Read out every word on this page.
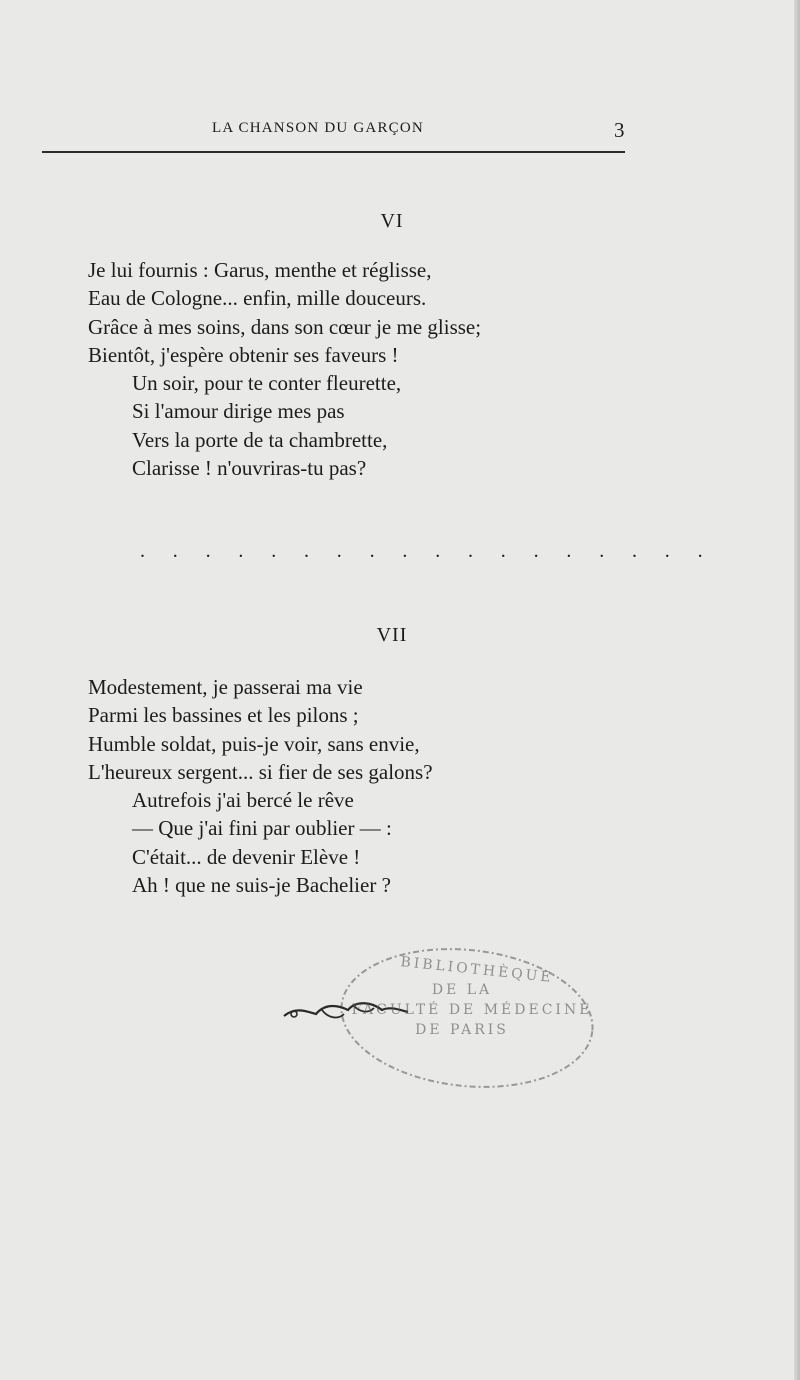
LA CHANSON DU GARÇON	3
VI
Je lui fournis : Garus, menthe et réglisse,
Eau de Cologne... enfin, mille douceurs.
Grâce à mes soins, dans son cœur je me glisse;
Bientôt, j'espère obtenir ses faveurs !
Un soir, pour te conter fleurette,
Si l'amour dirige mes pas
Vers la porte de ta chambrette,
Clarisse ! n'ouvriras-tu pas?
. . . . . . . . . . . . . . . . . .
VII
Modestement, je passerai ma vie
Parmi les bassines et les pilons ;
Humble soldat, puis-je voir, sans envie,
L'heureux sergent... si fier de ses galons?
Autrefois j'ai bercé le rêve
— Que j'ai fini par oublier — :
C'était... de devenir Elève !
Ah ! que ne suis-je Bachelier ?
BIBLIOTHÈQUE
DE LA
FACULTÉ DE MÉDECINE
DE PARIS
